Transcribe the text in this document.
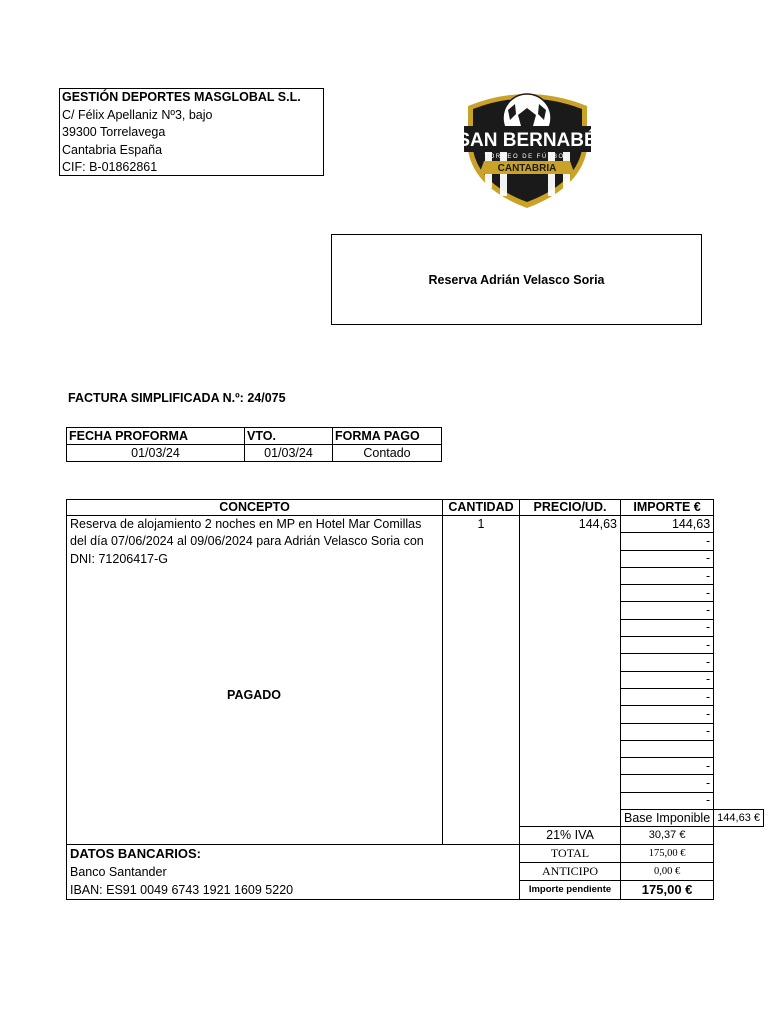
GESTIÓN DEPORTES MASGLOBAL S.L.
C/ Félix Apellaniz Nº3, bajo
39300 Torrelavega
Cantabria España
CIF: B-01862861
SAN BERNABÉ
TORNEO DE FÚTBOL
CANTABRIA
Reserva Adrián Velasco Soria
FACTURA SIMPLIFICADA N.º: 24/075
FECHA PROFORMA	VTO.	FORMA PAGO
01/03/24	01/03/24	Contado
CONCEPTO	CANTIDAD	PRECIO/UD.	IMPORTE €	
Reserva de alojamiento 2 noches en MP en Hotel Mar Comillas del día 07/06/2024 al 09/06/2024 para Adrián Velasco Soria con DNI: 71206417-G	1	144,63	144,63	
			-	
			-	
			-	
			-	
			-	
			-	
			-	
			-	
			-	
			-	
			-	
			-	

			-	
			-	
			-	
			Base Imponible	144,63 €
		21% IVA	30,37 €	

DATOS BANCARIOS:
Banco Santander
IBAN: ES91 0049 6743 1921 1609 5220		TOTAL	175,00 €	
		ANTICIPO	0,00 €	
		Importe pendiente	175,00 €	
PAGADO
